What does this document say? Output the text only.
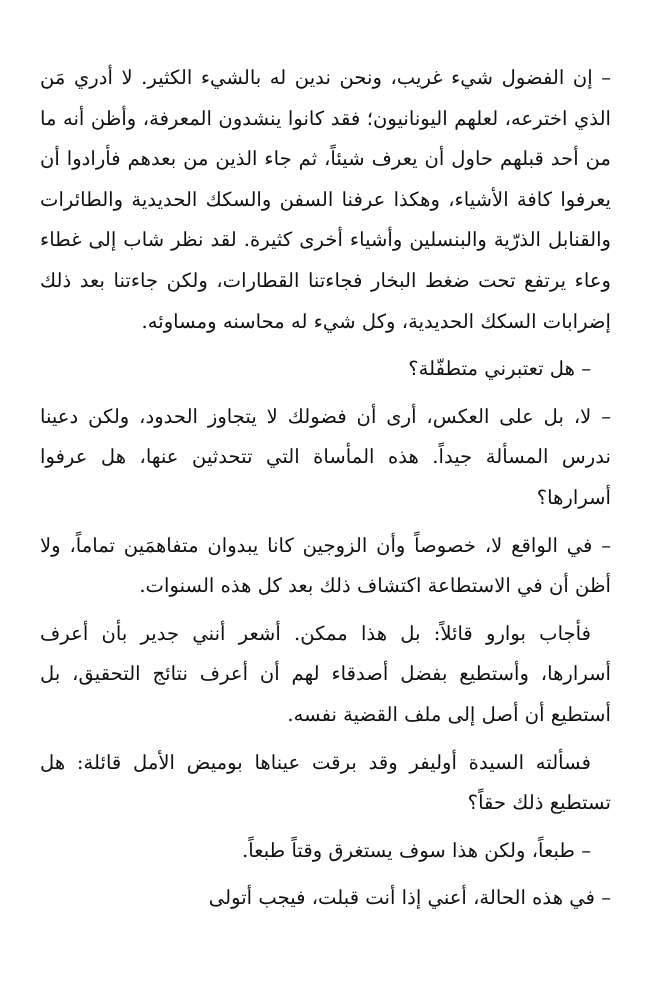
– إن الفضول شيء غريب، ونحن ندين له بالشيء الكثير. لا أدري مَن الذي اخترعه، لعلهم اليونانيون؛ فقد كانوا ينشدون المعرفة، وأظن أنه ما من أحد قبلهم حاول أن يعرف شيئاً، ثم جاء الذين من بعدهم فأرادوا أن يعرفوا كافة الأشياء، وهكذا عرفنا السفن والسكك الحديدية والطائرات والقنابل الذرّية والبنسلين وأشياء أخرى كثيرة. لقد نظر شاب إلى غطاء وعاء يرتفع تحت ضغط البخار فجاءتنا القطارات، ولكن جاءتنا بعد ذلك إضرابات السكك الحديدية، وكل شيء له محاسنه ومساوئه.

– هل تعتبرني متطفّلة؟

– لا، بل على العكس، أرى أن فضولك لا يتجاوز الحدود، ولكن دعينا ندرس المسألة جيداً. هذه المأساة التي تتحدثين عنها، هل عرفوا أسرارها؟

– في الواقع لا، خصوصاً وأن الزوجين كانا يبدوان متفاهمَين تماماً، ولا أظن أن في الاستطاعة اكتشاف ذلك بعد كل هذه السنوات.

فأجاب بوارو قائلاً: بل هذا ممكن. أشعر أنني جدير بأن أعرف أسرارها، وأستطيع بفضل أصدقاء لهم أن أعرف نتائج التحقيق، بل أستطيع أن أصل إلى ملف القضية نفسه.

فسألته السيدة أوليفر وقد برقت عيناها بوميض الأمل قائلة: هل تستطيع ذلك حقاً؟

– طبعاً، ولكن هذا سوف يستغرق وقتاً طبعاً.

– في هذه الحالة، أعني إذا أنت قبلت، فيجب أتولى
